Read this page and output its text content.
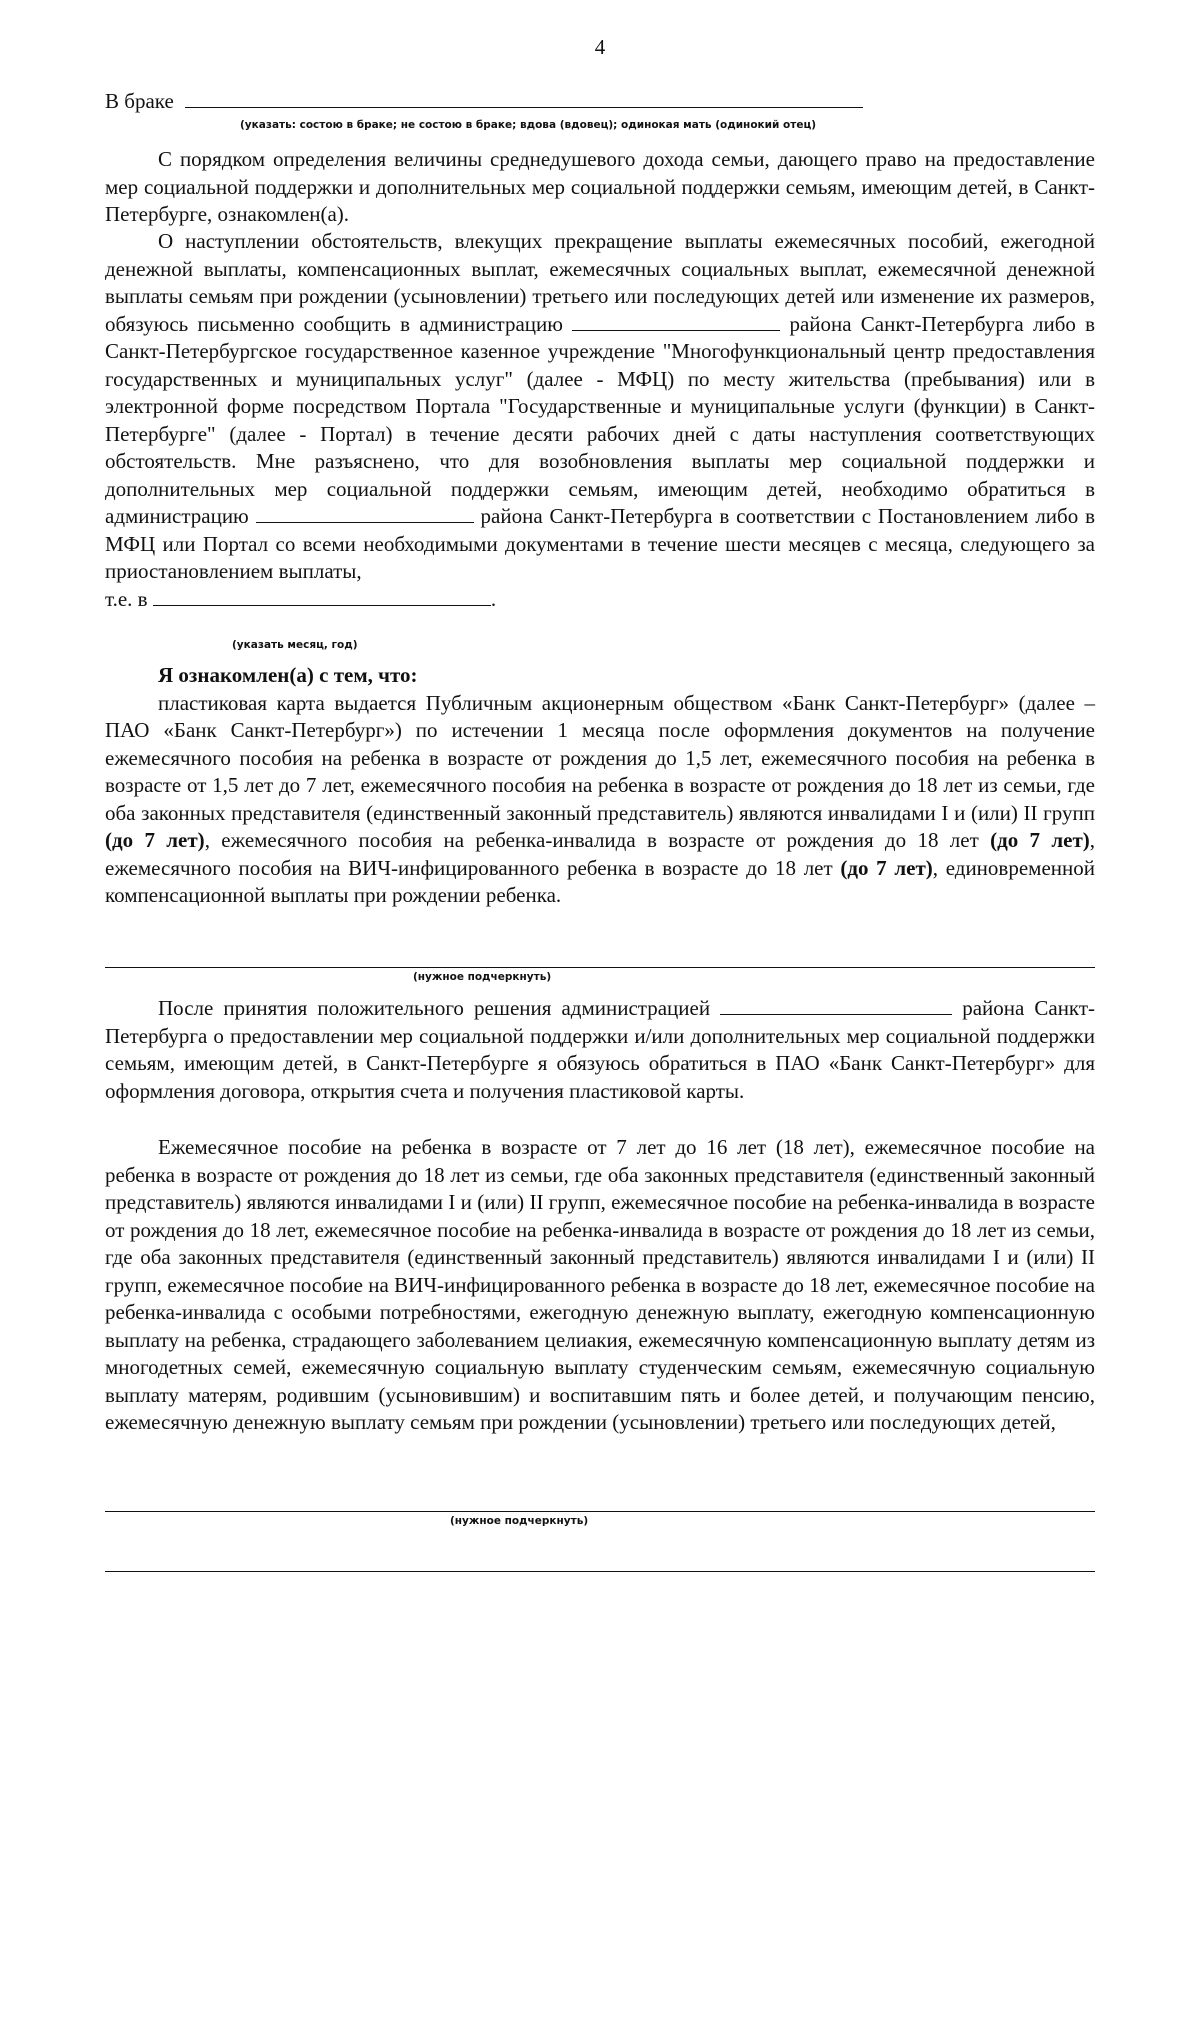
4
В браке
(указать: состою в браке; не состою в браке; вдова (вдовец); одинокая мать (одинокий отец)

С порядком определения величины среднедушевого дохода семьи, дающего право на предоставление мер социальной поддержки и дополнительных мер социальной поддержки семьям, имеющим детей, в Санкт-Петербурге, ознакомлен(а).

О наступлении обстоятельств, влекущих прекращение выплаты ежемесячных пособий, ежегодной денежной выплаты, компенсационных выплат, ежемесячных социальных выплат, ежемесячной денежной выплаты семьям при рождении (усыновлении) третьего или последующих детей или изменение их размеров, обязуюсь письменно сообщить в администрацию	района Санкт-Петербурга либо в Санкт-Петербургское государственное казенное учреждение "Многофункциональный центр предоставления государственных и муниципальных услуг" (далее - МФЦ) по месту жительства (пребывания) или в электронной форме посредством Портала "Государственные и муниципальные услуги (функции) в Санкт-Петербурге" (далее - Портал) в течение десяти рабочих дней с даты наступления соответствующих обстоятельств. Мне разъяснено, что для возобновления выплаты мер социальной поддержки и дополнительных мер социальной поддержки семьям, имеющим детей, необходимо обратиться в администрацию	района Санкт-Петербурга в соответствии с Постановлением либо в МФЦ или Портал со всеми необходимыми документами в течение шести месяцев с месяца, следующего за приостановлением выплаты,

т.е. в	.

(указать месяц, год)

Я ознакомлен(а) с тем, что:

пластиковая карта выдается Публичным акционерным обществом «Банк Санкт-Петербург» (далее – ПАО «Банк Санкт-Петербург») по истечении 1 месяца после оформления документов на получение ежемесячного пособия на ребенка в возрасте от рождения до 1,5 лет, ежемесячного пособия на ребенка в возрасте от 1,5 лет до 7 лет, ежемесячного пособия на ребенка в возрасте от рождения до 18 лет из семьи, где оба законных представителя (единственный законный представитель) являются инвалидами I и (или) II групп (до 7 лет), ежемесячного пособия на ребенка-инвалида в возрасте от рождения до 18 лет (до 7 лет), ежемесячного пособия на ВИЧ-инфицированного ребенка в возрасте до 18 лет (до 7 лет), единовременной компенсационной выплаты при рождении ребенка.

(нужное подчеркнуть)

После принятия положительного решения администрацией	района Санкт-Петербурга о предоставлении мер социальной поддержки и/или дополнительных мер социальной поддержки семьям, имеющим детей, в Санкт-Петербурге я обязуюсь обратиться в ПАО «Банк Санкт-Петербург» для оформления договора, открытия счета и получения пластиковой карты.

Ежемесячное пособие на ребенка в возрасте от 7 лет до 16 лет (18 лет), ежемесячное пособие на ребенка в возрасте от рождения до 18 лет из семьи, где оба законных представителя (единственный законный представитель) являются инвалидами I и (или) II групп, ежемесячное пособие на ребенка-инвалида в возрасте от рождения до 18 лет, ежемесячное пособие на ребенка-инвалида в возрасте от рождения до 18 лет из семьи, где оба законных представителя (единственный законный представитель) являются инвалидами I и (или) II групп, ежемесячное пособие на ВИЧ-инфицированного ребенка в возрасте до 18 лет, ежемесячное пособие на ребенка-инвалида с особыми потребностями, ежегодную денежную выплату, ежегодную компенсационную выплату на ребенка, страдающего заболеванием целиакия, ежемесячную компенсационную выплату детям из многодетных семей, ежемесячную социальную выплату студенческим семьям, ежемесячную социальную выплату матерям, родившим (усыновившим) и воспитавшим пять и более детей, и получающим пенсию, ежемесячную денежную выплату семьям при рождении (усыновлении) третьего или последующих детей,

(нужное подчеркнуть)
